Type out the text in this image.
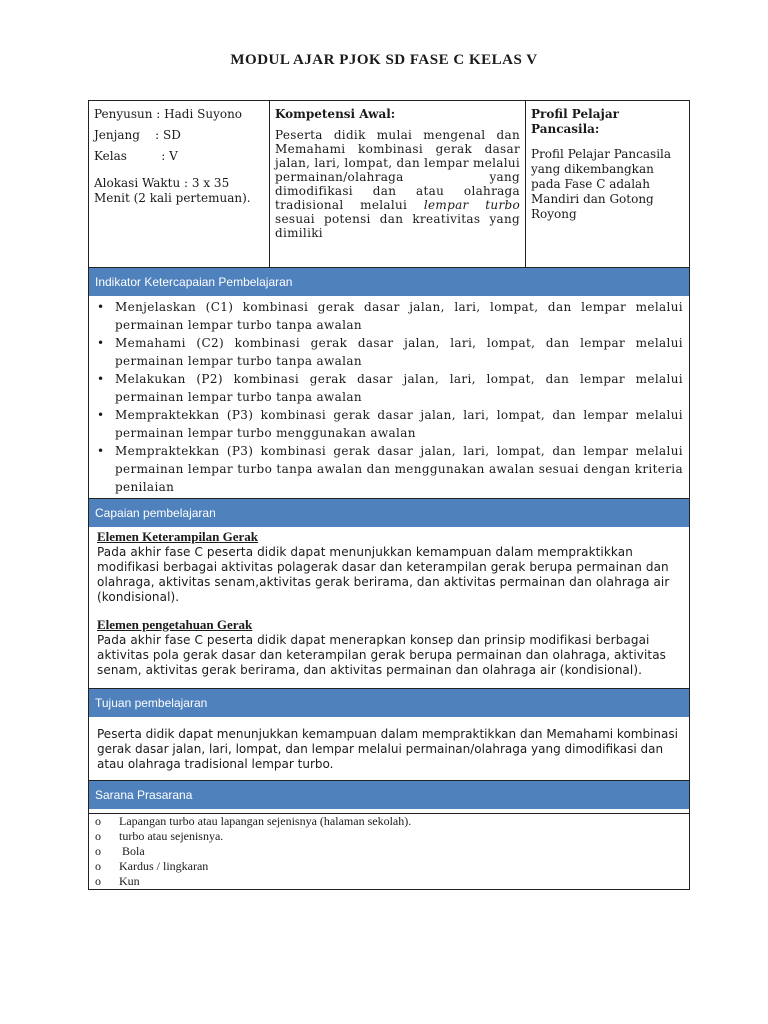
MODUL AJAR PJOK SD FASE C KELAS V
Penyusun : Hadi Suyono
Jenjang    : SD
Kelas         : V
Alokasi Waktu : 3 x 35 Menit (2 kali pertemuan).
Kompetensi Awal:
Peserta didik mulai mengenal dan Memahami kombinasi gerak dasar jalan, lari, lompat, dan lempar melalui permainan/olahraga yang dimodifikasi dan atau olahraga tradisional melalui lempar turbo sesuai potensi dan kreativitas yang dimiliki
Profil Pelajar Pancasila:
Profil Pelajar Pancasila yang dikembangkan pada Fase C adalah Mandiri dan Gotong Royong
Indikator Ketercapaian Pembelajaran
• Menjelaskan (C1) kombinasi gerak dasar jalan, lari, lompat, dan lempar melalui permainan lempar turbo tanpa awalan
• Memahami (C2) kombinasi gerak dasar jalan, lari, lompat, dan lempar melalui permainan lempar turbo tanpa awalan
• Melakukan (P2) kombinasi gerak dasar jalan, lari, lompat, dan lempar melalui permainan lempar turbo tanpa awalan
• Mempraktekkan (P3) kombinasi gerak dasar jalan, lari, lompat, dan lempar melalui permainan lempar turbo menggunakan awalan
• Mempraktekkan (P3) kombinasi gerak dasar jalan, lari, lompat, dan lempar melalui permainan lempar turbo tanpa awalan dan menggunakan awalan sesuai dengan kriteria penilaian
Capaian pembelajaran
Elemen Keterampilan Gerak
Pada akhir fase C peserta didik dapat menunjukkan kemampuan dalam mempraktikkan modifikasi berbagai aktivitas polagerak dasar dan keterampilan gerak berupa permainan dan olahraga, aktivitas senam,aktivitas gerak berirama, dan aktivitas permainan dan olahraga air (kondisional).
Elemen pengetahuan Gerak
Pada akhir fase C peserta didik dapat menerapkan konsep dan prinsip modifikasi berbagai aktivitas pola gerak dasar dan keterampilan gerak berupa permainan dan olahraga, aktivitas senam, aktivitas gerak berirama, dan aktivitas permainan dan olahraga air (kondisional).
Tujuan pembelajaran
Peserta didik dapat menunjukkan kemampuan dalam mempraktikkan dan Memahami kombinasi gerak dasar jalan, lari, lompat, dan lempar melalui permainan/olahraga yang dimodifikasi dan atau olahraga tradisional lempar turbo.
Sarana Prasarana
o	Lapangan turbo atau lapangan sejenisnya (halaman sekolah).
o	turbo atau sejenisnya.
o	Bola
o	Kardus / lingkaran
o	Kun
